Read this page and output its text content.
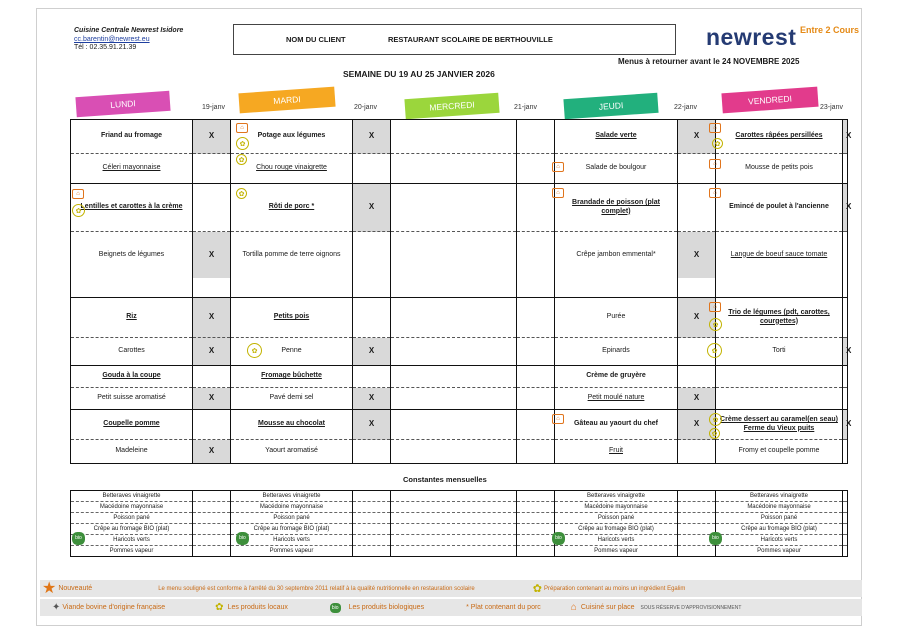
Cuisine Centrale Newrest Isidore
cc.barentin@newrest.eu
Tél : 02.35.91.21.39
NOM DU CLIENT	RESTAURANT SCOLAIRE DE BERTHOUVILLE	newrest Entre 2 Cours
Menus à retourner avant le 24 NOVEMBRE 2025
SEMAINE DU 19 AU 25 JANVIER 2026
LUNDI	19-janv
MARDI
20-janv	MERCREDI	21-janv	JEUDI	22-janv
VENDREDI
23-janv
Friand au fromage	X	Potage aux légumes	X			Salade verte	X	Carottes râpées persillées	X
Céleri mayonnaise		Chou rouge vinaigrette				Salade de boulgour		Mousse de petits pois	
Lentilles et carottes à la crème		Rôti de porc *	X			Brandade de poisson (plat complet)		Emincé de poulet à l'ancienne	X
Beignets de légumes	X	Tortilla pomme de terre oignons				Crêpe jambon emmental*	X	Langue de boeuf sauce tomate	

Riz	X	Petits pois				Purée	X	Trio de légumes (pdt, carottes, courgettes)	
Carottes	X	Penne	X			Epinards		Torti	X
Gouda à la coupe		Fromage bûchette				Crème de gruyère			
Petit suisse aromatisé	X	Pavé demi sel	X			Petit moulé nature	X		
Coupelle pomme		Mousse au chocolat	X			Gâteau au yaourt du chef	X	Crème dessert au caramel(en seau) Ferme du Vieux puits	X
Madeleine	X	Yaourt aromatisé				Fruit		Fromy et coupelle pomme	
⌂
✿
✿
⌂
✿
⌂
⌂
⌂
✿
✿	⌂	⌂
⌂
✿
✿	✿
⌂	✿
✿
Constantes mensuelles
Betteraves vinaigrette		Betteraves vinaigrette				Betteraves vinaigrette		Betteraves vinaigrette	
Macédoine mayonnaise		Macédoine mayonnaise				Macédoine mayonnaise		Macédoine mayonnaise	
Poisson pané		Poisson pané				Poisson pané		Poisson pané	
Crêpe au fromage BIO (plat)		Crêpe au fromage BIO (plat)				Crêpe au fromage BIO (plat)		Crêpe au fromage BIO (plat)	
Haricots verts		Haricots verts				Haricots verts		Haricots verts	
Pommes vapeur		Pommes vapeur				Pommes vapeur		Pommes vapeur	
bio	bio	bio	bio
★ Nouveauté	Le menu souligné est conforme à l'arrêté du 30 septembre 2011 relatif à la qualité nutritionnelle en restauration scolaire	✿ Préparation contenant au moins un ingrédient Egalim
✦ Viande bovine d'origine française	✿ Les produits locaux	bio Les produits biologiques	* Plat contenant du porc	⌂ Cuisiné sur place SOUS RÉSERVE D'APPROVISIONNEMENT
